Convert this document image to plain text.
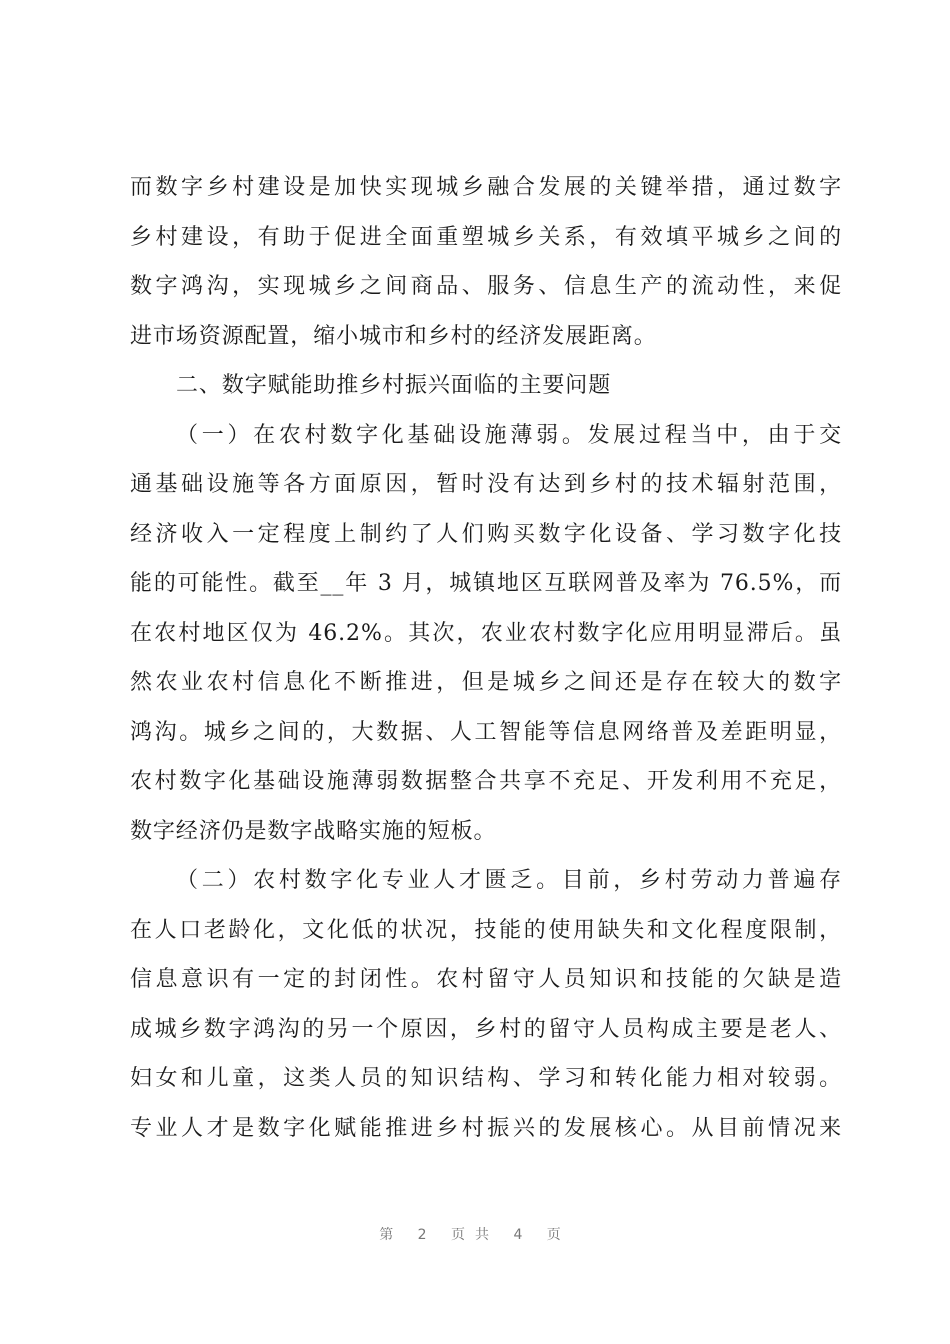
而数字乡村建设是加快实现城乡融合发展的关键举措，通过数字
乡村建设，有助于促进全面重塑城乡关系，有效填平城乡之间的
数字鸿沟，实现城乡之间商品、服务、信息生产的流动性，来促
进市场资源配置，缩小城市和乡村的经济发展距离。
二、数字赋能助推乡村振兴面临的主要问题
（一）在农村数字化基础设施薄弱。发展过程当中，由于交
通基础设施等各方面原因，暂时没有达到乡村的技术辐射范围，
经济收入一定程度上制约了人们购买数字化设备、学习数字化技
能的可能性。截至__年 3 月，城镇地区互联网普及率为 76.5%，而
在农村地区仅为 46.2%。其次，农业农村数字化应用明显滞后。虽
然农业农村信息化不断推进，但是城乡之间还是存在较大的数字
鸿沟。城乡之间的，大数据、人工智能等信息网络普及差距明显，
农村数字化基础设施薄弱数据整合共享不充足、开发利用不充足，
数字经济仍是数字战略实施的短板。
（二）农村数字化专业人才匮乏。目前，乡村劳动力普遍存
在人口老龄化，文化低的状况，技能的使用缺失和文化程度限制，
信息意识有一定的封闭性。农村留守人员知识和技能的欠缺是造
成城乡数字鸿沟的另一个原因，乡村的留守人员构成主要是老人、
妇女和儿童，这类人员的知识结构、学习和转化能力相对较弱。
专业人才是数字化赋能推进乡村振兴的发展核心。从目前情况来
第 2 页共 4 页
